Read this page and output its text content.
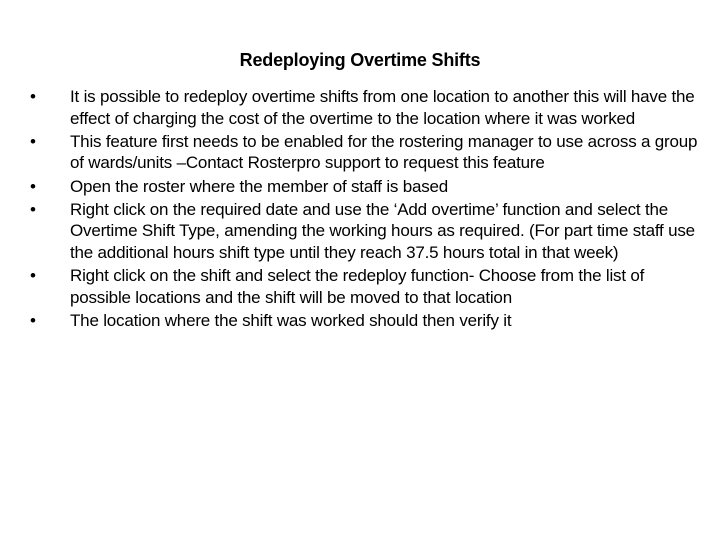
Redeploying Overtime Shifts
•	It is possible to redeploy overtime shifts from one location to another this will have the effect of charging the cost of the overtime to the location where it was worked
•	This feature first needs to be enabled for the rostering manager to use across a group of wards/units –Contact Rosterpro support to request this feature
•	Open the roster where the member of staff is based
•	Right click on the required date and use the ‘Add overtime’ function and select the Overtime Shift Type, amending the working hours as required. (For part time staff use the additional hours shift type until they reach 37.5 hours total in that week)
•	Right click on the shift and select the redeploy function- Choose from the list of possible locations and the shift will be moved to that location
•	The location where the shift was worked should then verify it
